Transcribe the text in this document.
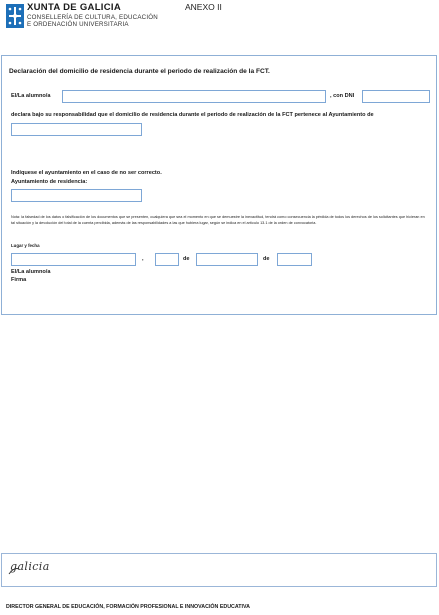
XUNTA DE GALICIA
CONSELLERÍA DE CULTURA, EDUCACIÓN
E ORDENACIÓN UNIVERSITARIA
ANEXO II
Declaración del domicilio de residencia durante el periodo de realización de la FCT.
El/La alumno/a	, con DNI
declara bajo su responsabilidad que el domicilio de residencia durante el periodo de realización de la FCT pertenece al Ayuntamiento de
Indíquese el ayuntamiento en el caso de no ser correcto.
Ayuntamiento de residencia:
Nota: la falsedad de los datos o falsificación de los documentos que se presenten, cualquiera que sea el momento en que se demuestre la inexactitud, tendrá como consecuencia la pérdida de todos los derechos de los solicitantes que hicieran en tal situación y la devolución del total de la cuenta percibida, además de las responsabilidades a las que hubiera lugar, según se indica en el artículo 13.1 de la orden de convocatoria.
Lugar y fecha
,	de	de
El/La alumno/a
Firma
galicia
DIRECTOR GENERAL DE EDUCACIÓN, FORMACIÓN PROFESIONAL E INNOVACIÓN EDUCATIVA
